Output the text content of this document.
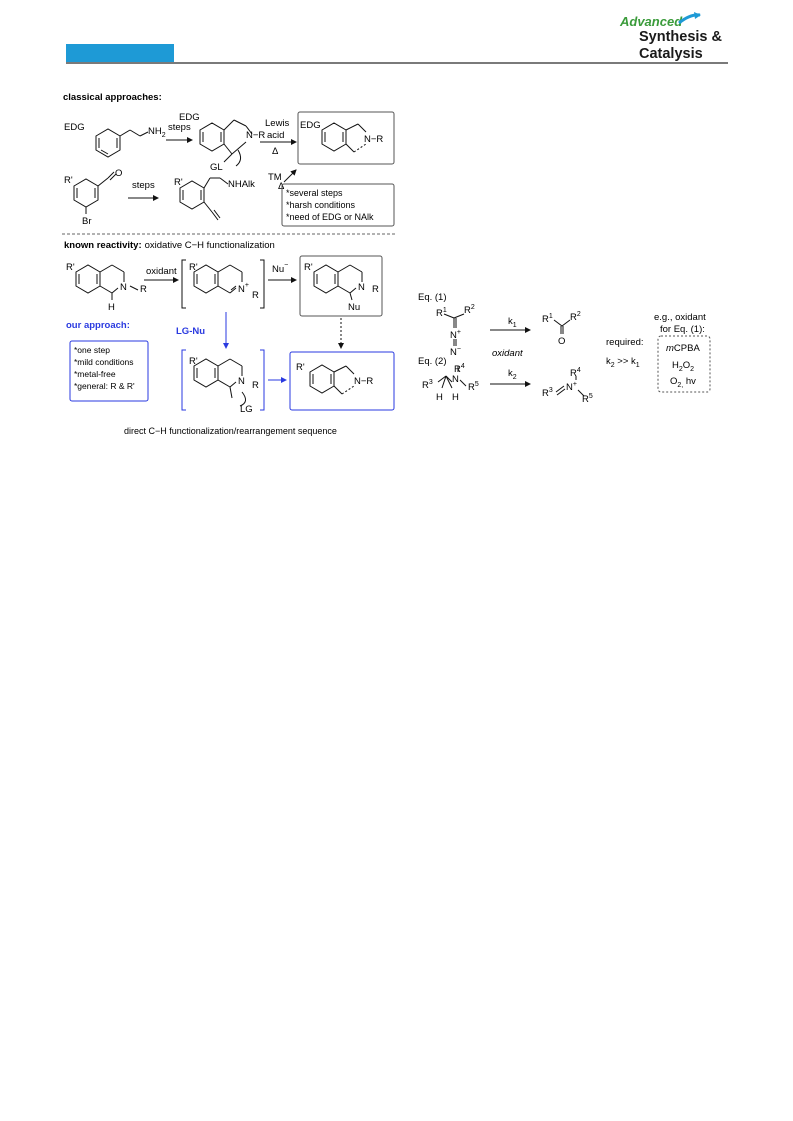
Advanced
Synthesis &
Catalysis
classical approaches:
EDG	$NH_2$
steps
EDG
N−R
GL
Lewis
acid
Δ
EDG
N−R
TM
Δ
R'
O
Br
steps R'	NHAlk
*several steps
*harsh conditions
*need of EDG or NAlk
known reactivity: oxidative C−H functionalization
R'
N R
H
oxidant R'
N+
R
Nu− R'
N R
Nu
our approach:
*one step
*mild conditions
*metal-free
*general: R & R'
LG-Nu
R'
N R
LG
R'
N−R
direct C−H functionalization/rearrangement sequence
Eq. (1)
$R^1$ $R^2$
N+
N−
$k_1$
oxidant
$R^1$ $R^2$
O	required:
$k_2 >> k_1$
e.g., oxidant
for Eq. (1):
mCPBA
$H_2O_2$
$O_{2,}$ hv
Eq. (2)
$R^3$ N
$R^4$
$R^5$
H H
$k_2$
$R^3$ N+
$R^4$
$R^5$
